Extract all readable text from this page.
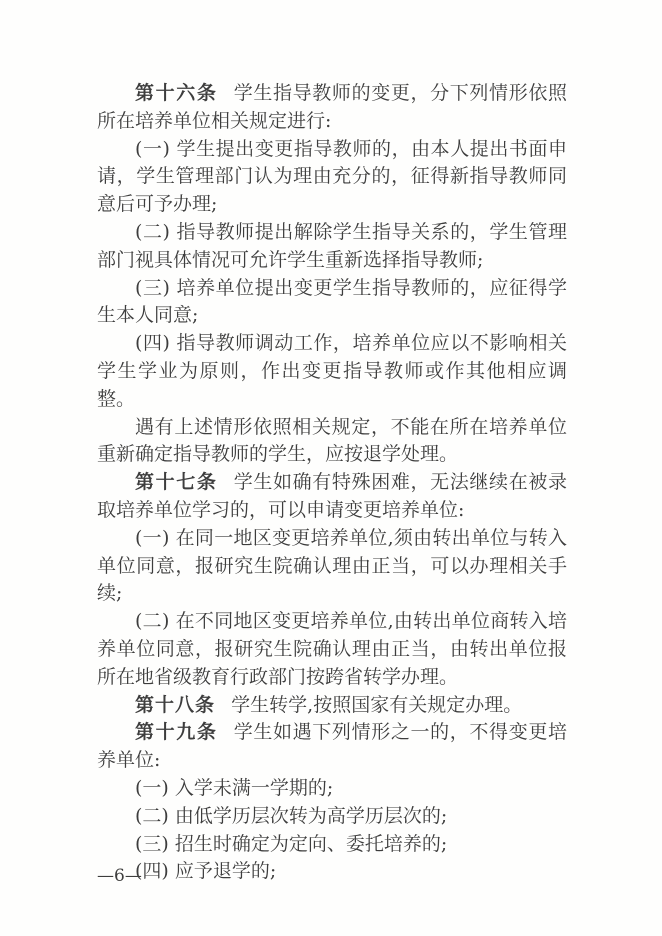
第十六条 学生指导教师的变更，分下列情形依照所在培养单位相关规定进行:

(一) 学生提出变更指导教师的，由本人提出书面申请，学生管理部门认为理由充分的，征得新指导教师同意后可予办理;

(二) 指导教师提出解除学生指导关系的，学生管理部门视具体情况可允许学生重新选择指导教师;

(三) 培养单位提出变更学生指导教师的，应征得学生本人同意;

(四) 指导教师调动工作，培养单位应以不影响相关学生学业为原则，作出变更指导教师或作其他相应调整。

遇有上述情形依照相关规定，不能在所在培养单位重新确定指导教师的学生，应按退学处理。

第十七条 学生如确有特殊困难，无法继续在被录取培养单位学习的，可以申请变更培养单位:

(一) 在同一地区变更培养单位,须由转出单位与转入单位同意，报研究生院确认理由正当，可以办理相关手续;

(二) 在不同地区变更培养单位,由转出单位商转入培养单位同意，报研究生院确认理由正当，由转出单位报所在地省级教育行政部门按跨省转学办理。

第十八条 学生转学,按照国家有关规定办理。

第十九条 学生如遇下列情形之一的，不得变更培养单位:

(一) 入学未满一学期的;

(二) 由低学历层次转为高学历层次的;

(三) 招生时确定为定向、委托培养的;

(四) 应予退学的;

—6—
